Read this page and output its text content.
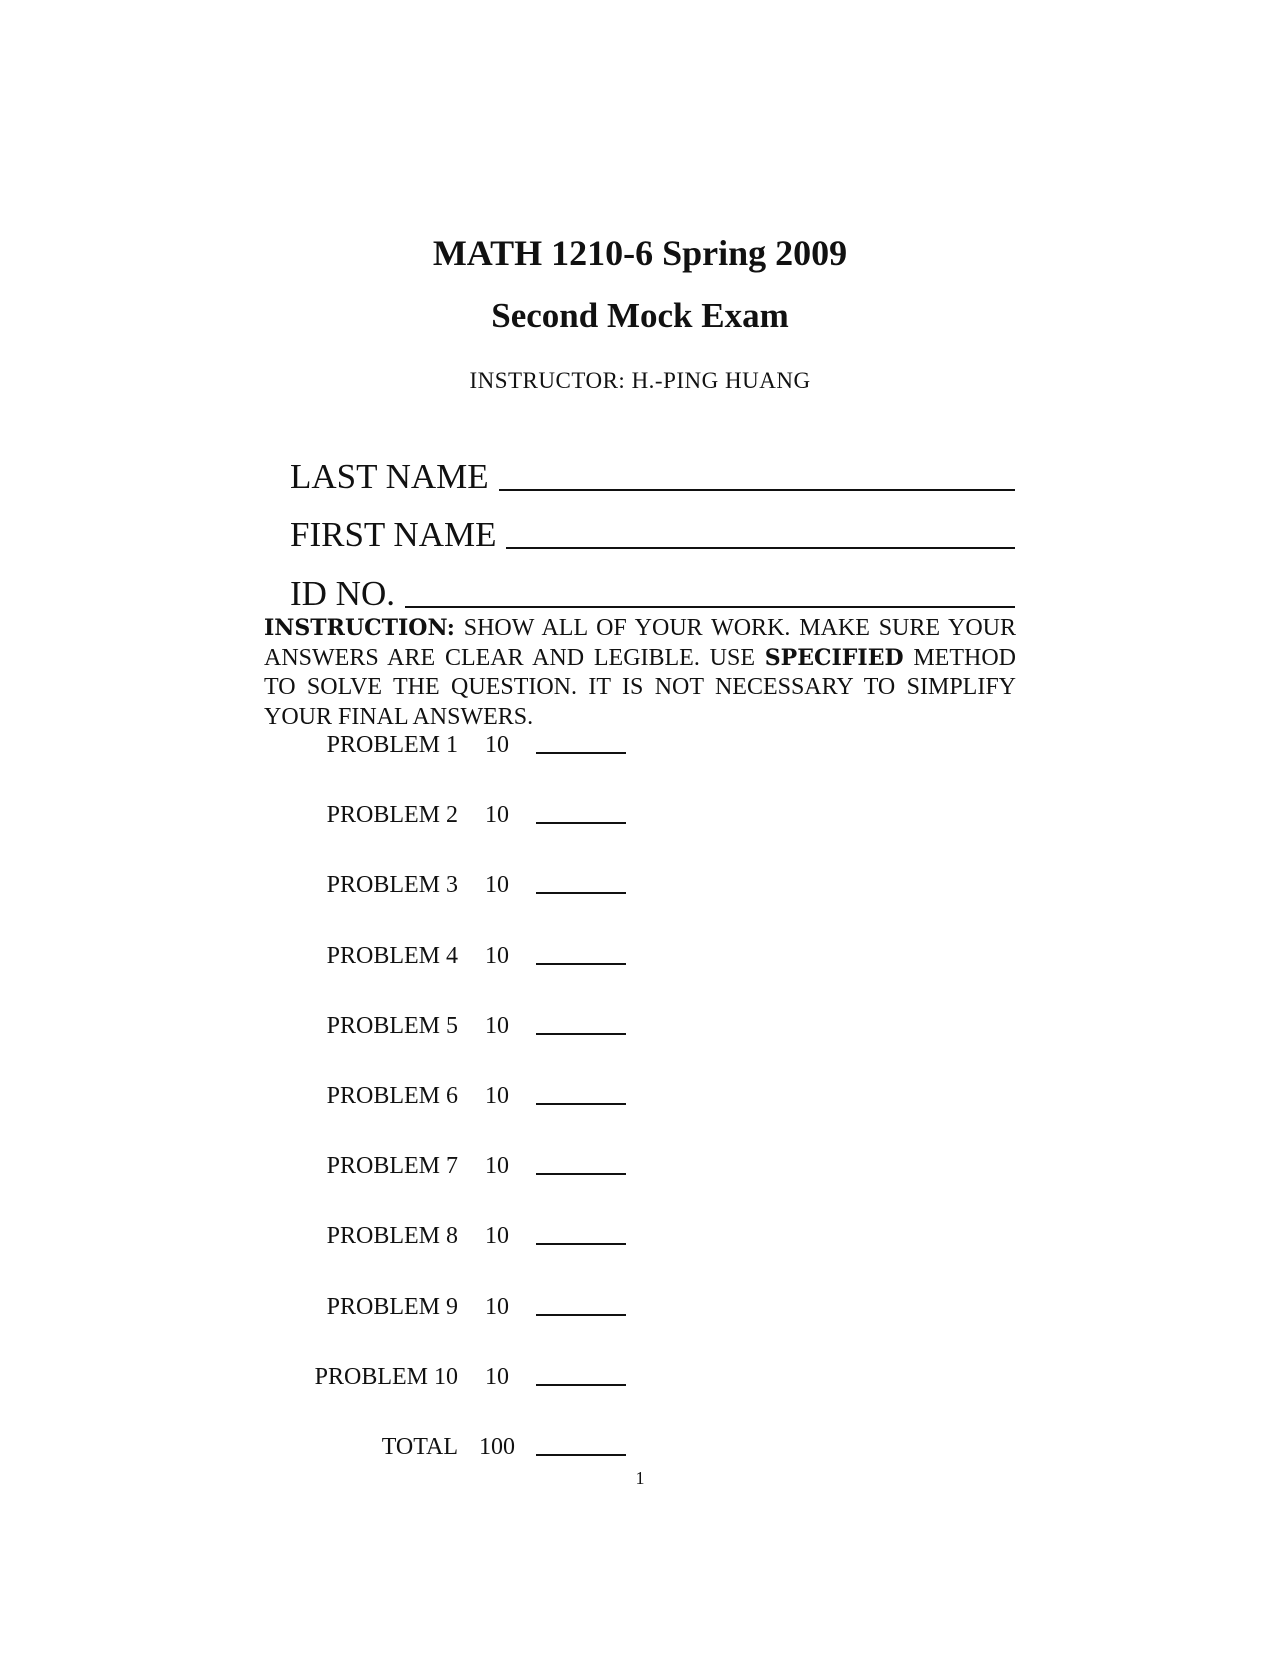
MATH 1210-6 Spring 2009
Second Mock Exam
INSTRUCTOR: H.-PING HUANG
LAST NAME
FIRST NAME
ID NO.
INSTRUCTION: SHOW ALL OF YOUR WORK. MAKE SURE YOUR ANSWERS ARE CLEAR AND LEGIBLE. USE SPECIFIED METHOD TO SOLVE THE QUESTION. IT IS NOT NECESSARY TO SIMPLIFY YOUR FINAL ANSWERS.
PROBLEM 1	10
PROBLEM 2	10
PROBLEM 3	10
PROBLEM 4	10
PROBLEM 5	10
PROBLEM 6	10
PROBLEM 7	10
PROBLEM 8	10
PROBLEM 9	10
PROBLEM 10	10
TOTAL 100
1
